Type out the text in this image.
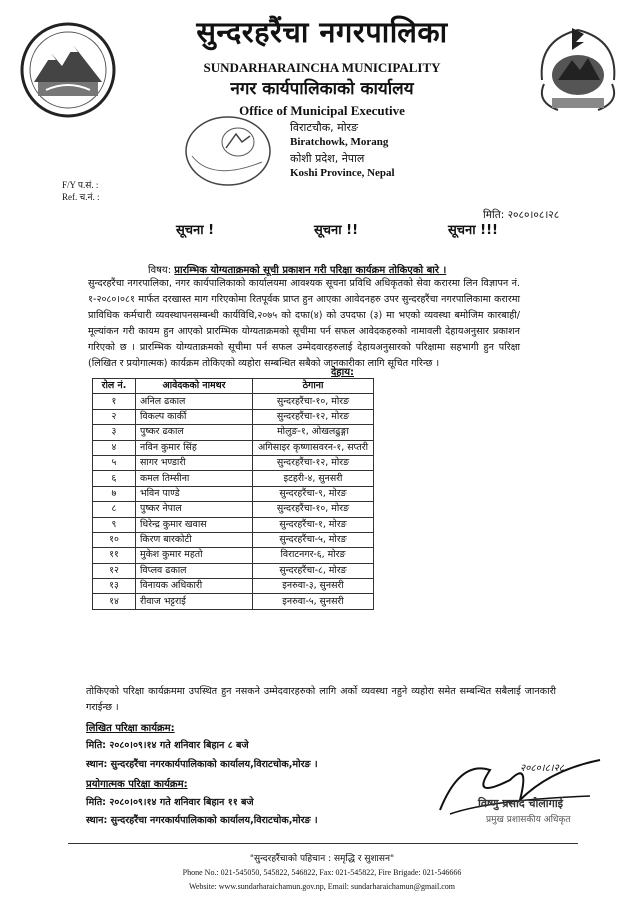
सुन्दरहरैंचा नगरपालिका
SUNDARHARAINCHA MUNICIPALITY
नगर कार्यपालिकाको कार्यालय
Office of Municipal Executive
विराटचौक, मोरङ
Biratchowk, Morang
कोशी प्रदेश, नेपाल
Koshi Province, Nepal
F/Y प.सं. :
Ref. च.नं. :
मिति: २०८०।०८।२८
सूचना !	सूचना !!	सूचना !!!
विषय: प्रारम्भिक योग्यताक्रमको सूची प्रकाशन गरी परिक्षा कार्यक्रम तोकिएको बारे ।
सुन्दरहरैंचा नगरपालिका, नगर कार्यपालिकाको कार्यालयमा आवश्यक सूचना प्रविधि अधिकृतको सेवा करारमा लिन विज्ञापन नं. १-२०८०।०८१ मार्फत दरखास्त माग गरिएकोमा रितपूर्वक प्राप्त हुन आएका आवेदनहरु उपर सुन्दरहरैंचा नगरपालिकामा करारमा प्राविधिक कर्मचारी व्यवस्थापनसम्बन्धी कार्यविधि,२०७५ को दफा(४) को उपदफा (३) मा भएको व्यवस्था बमोजिम कारबाही/मूल्यांकन गरी कायम हुन आएको प्रारम्भिक योग्यताक्रमको सूचीमा पर्न सफल आवेदकहरुको नामावली देहायअनुसार प्रकाशन गरिएको छ । प्रारम्भिक योग्यताक्रमको सूचीमा पर्न सफल उम्मेदवारहरुलाई देहायअनुसारको परिक्षामा सहभागी हुन परिक्षा (लिखित र प्रयोगात्मक) कार्यक्रम तोकिएको व्यहोरा सम्बन्धित सबैको जानकारीका लागि सूचित गरिन्छ ।
देहाय:
रोल नं.	आवेदकको नामथर	ठेगाना
१	अनिल ढकाल	सुन्दरहरैंचा-१०, मोरङ
२	विकल्प कार्की	सुन्दरहरैंचा-१२, मोरङ
३	पुष्कर ढकाल	मोलुङ-१, ओखलढुङ्गा
४	नविन कुमार सिंह	अगिसाइर कृष्णासवरन-१, सप्तरी
५	सागर भण्डारी	सुन्दरहरैंचा-१२, मोरङ
६	कमल तिम्सीना	इटहरी-४, सुनसरी
७	भविन पाण्डे	सुन्दरहरैंचा-९, मोरङ
८	पुष्कर नेपाल	सुन्दरहरैंचा-१०, मोरङ
९	धिरेन्द्र कुमार खवास	सुन्दरहरैंचा-१, मोरङ
१०	किरण बारकोटी	सुन्दरहरैंचा-५, मोरङ
११	मुकेश कुमार महतो	विराटनगर-६, मोरङ
१२	विप्लव ढकाल	सुन्दरहरैंचा-८, मोरङ
१३	विनायक अधिकारी	इनरुवा-३, सुनसरी
१४	रीवाज भट्टराई	इनरुवा-५, सुनसरी
तोकिएको परिक्षा कार्यक्रममा उपस्थित हुन नसकने उम्मेदवारहरुको लागि अर्को व्यवस्था नहुने व्यहोरा समेत सम्बन्धित सबैलाई जानकारी गराईन्छ ।
लिखित परिक्षा कार्यक्रम:
मिति: २०८०।०९।१४ गते शनिवार बिहान ८ बजे
स्थान: सुन्दरहरैंचा नगरकार्यपालिकाको कार्यालय,विराटचोक,मोरङ ।
प्रयोगात्मक परिक्षा कार्यक्रम:
मिति: २०८०।०९।१४ गते शनिवार बिहान ११ बजे
स्थान: सुन्दरहरैंचा नगरकार्यपालिकाको कार्यालय,विराटचोक,मोरङ ।
२०८०।८।२८
विष्णु प्रसाद चौलागाई
प्रमुख प्रशासकीय अधिकृत
"सुन्दरहरैंचाको पहिचान : समृद्धि र सुशासन"
Phone No.: 021-545050, 545822, 546822, Fax: 021-545822, Fire Brigade: 021-546666
Website: www.sundarharaichamun.gov.np, Email: sundarharaichamun@gmail.com
